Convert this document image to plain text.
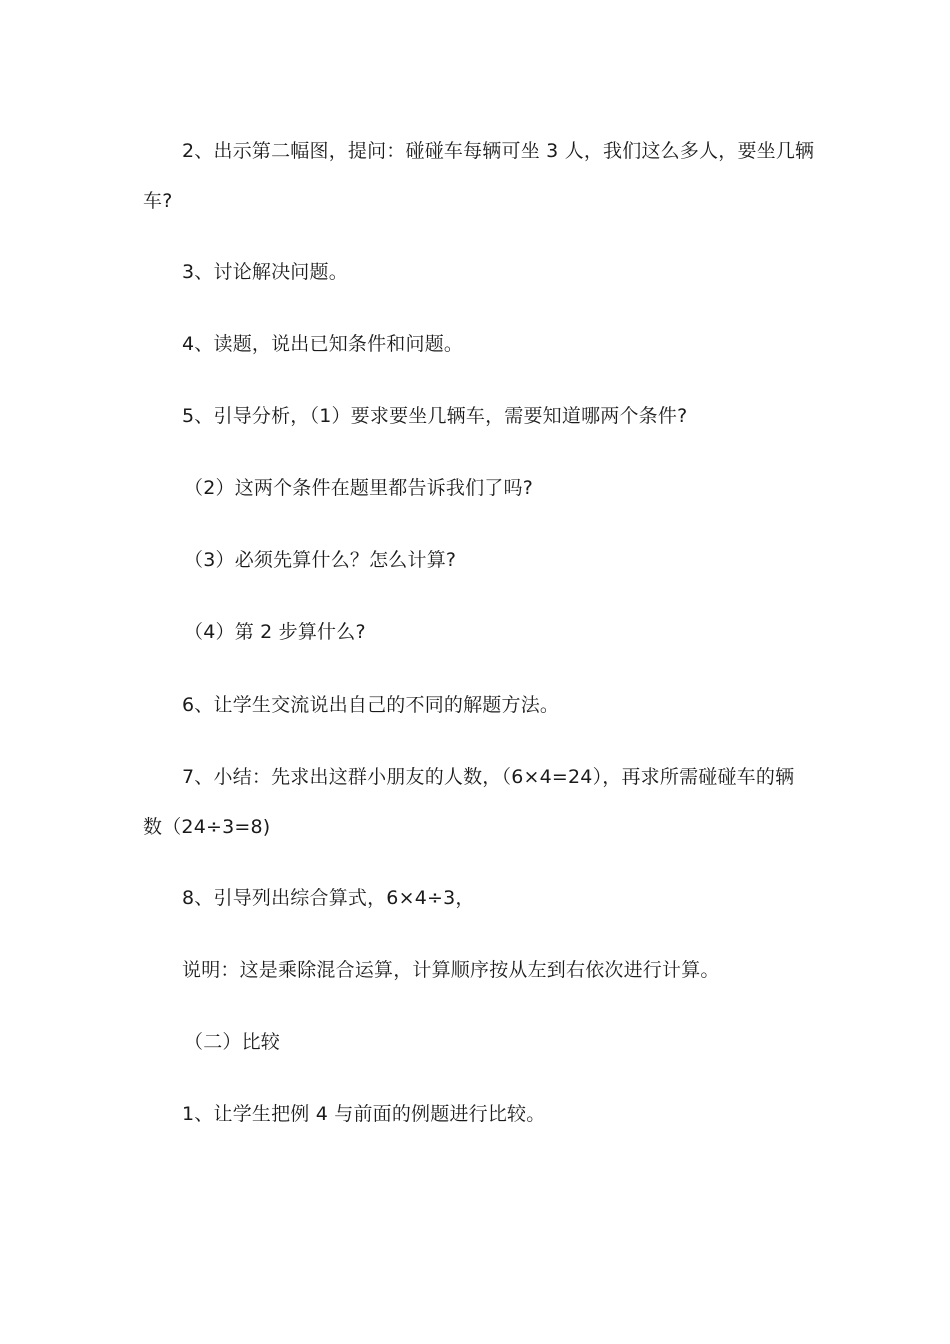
2、出示第二幅图，提问：碰碰车每辆可坐 3 人，我们这么多人，要坐几辆
车?
3、讨论解决问题。
4、读题，说出已知条件和问题。
5、引导分析，（1）要求要坐几辆车，需要知道哪两个条件?
（2）这两个条件在题里都告诉我们了吗?
（3）必须先算什么？怎么计算?
（4）第 2 步算什么?
6、让学生交流说出自己的不同的解题方法。
7、小结：先求出这群小朋友的人数，（6×4=24），再求所需碰碰车的辆
数（24÷3=8)
8、引导列出综合算式，6×4÷3，
说明：这是乘除混合运算，计算顺序按从左到右依次进行计算。
（二）比较
1、让学生把例 4 与前面的例题进行比较。
